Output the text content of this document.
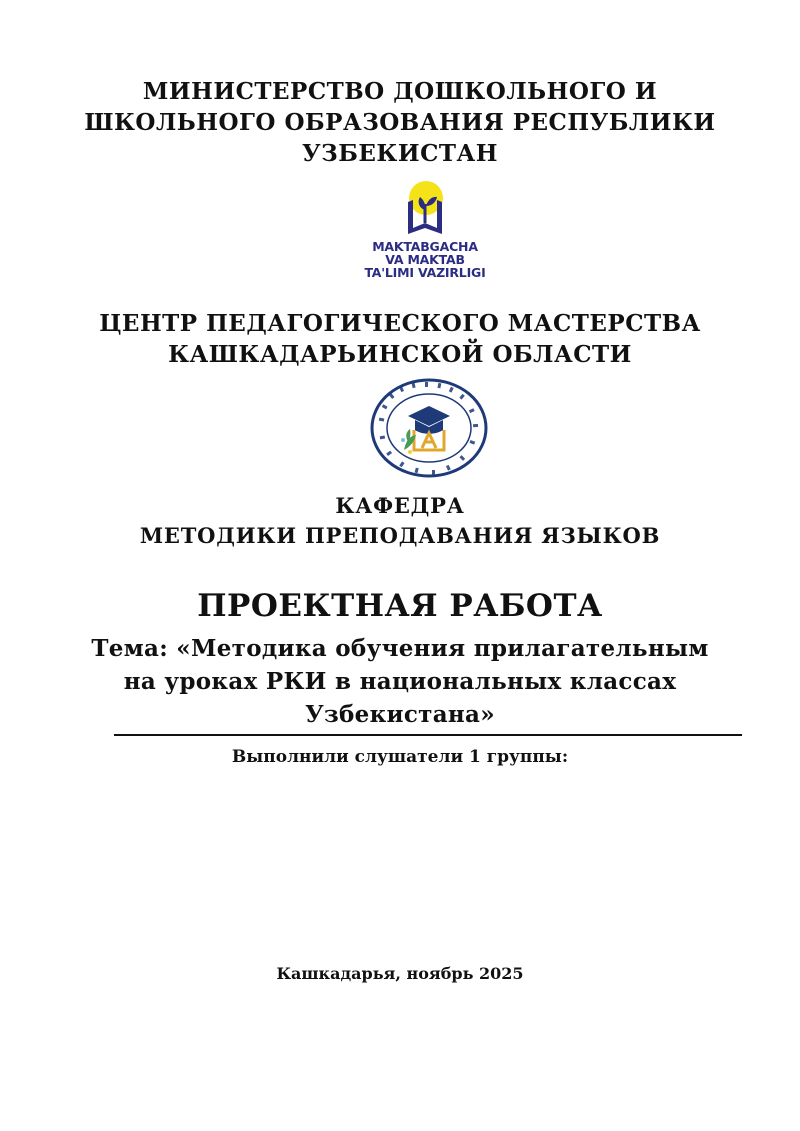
МИНИСТЕРСТВО ДОШКОЛЬНОГО И
ШКОЛЬНОГО ОБРАЗОВАНИЯ РЕСПУБЛИКИ
УЗБЕКИСТАН
MAKTABGACHA
VA MAKTAB
TA'LIMI VAZIRLIGI
ЦЕНТР ПЕДАГОГИЧЕСКОГО МАСТЕРСТВА
КАШКАДАРЬИНСКОЙ ОБЛАСТИ
КАФЕДРА
МЕТОДИКИ ПРЕПОДАВАНИЯ ЯЗЫКОВ
ПРОЕКТНАЯ РАБОТА
Тема: «Методика обучения прилагательным
на уроках РКИ в национальных классах
Узбекистана»
Выполнили слушатели 1 группы:
Кашкадарья, ноябрь 2025
